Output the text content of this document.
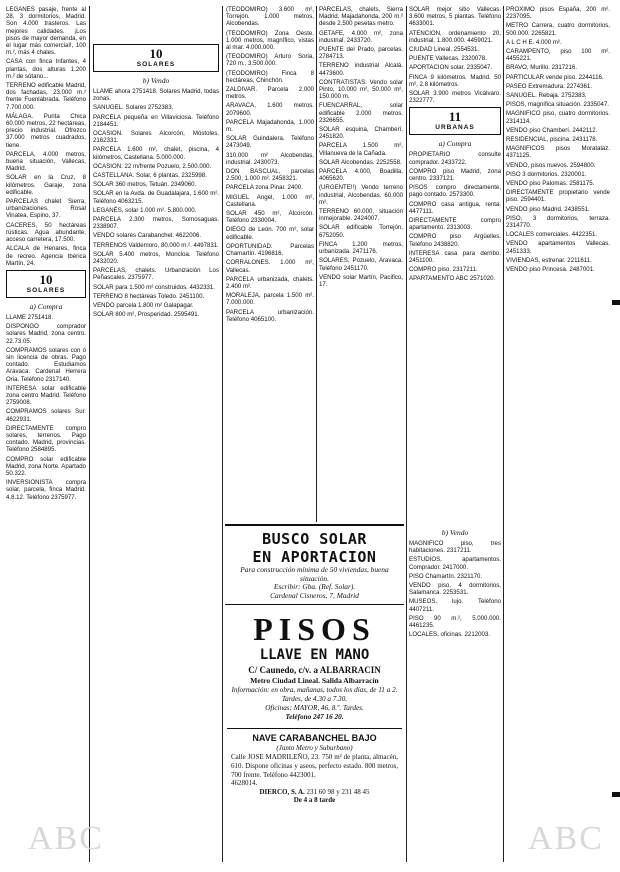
LEGANÉS pasaje, frente al 28, 3 dormitorios, Madrid. Son 4.000 trasteros. Las mejores calidades. ¡Los pisos de mayor demanda, en el lugar más comercial!, 100 m.², más 4 chales.

CASA con finca Infantes, 4 plantas, dos alturas 1.200 m.² de sótano...

TERRENO edificable Madrid, dos fachadas, 23.000 m.² frente Fuenlabrada. Teléfono 7.700.000.

MÁLAGA. Punta Chica 60.000 metros, 22 hectáreas, precio industrial. Ofrezco 37.000 metros cuadrados, tiene.

PARCELA, 4.000 metros, buena situación, Vallecas, Madrid.

SOLAR en la Cruz, 8 kilómetros. Garaje, zona edificable.

PARCELAS chalet Sierra, urbanizaciones. Rosal Vinatea, Espino, 37.

CACERES, 50 hectáreas rústicas. Agua abundante, acceso carretera, 17.500.

ALCALA de Henares, finca de recreo. Agencia Ibérica Martín, 24.

10
SOLARES
a) Compra

LLAME 2751418.

DISPONGO comprador solares Madrid, zona centro. 22.73.05.

COMPRAMOS solares con ó sin licencia de obras. Pago contado. Estudiamos Aravaca. Cardenal Herrera Oria. Teléfono 2317140.

INTERESA solar edificable zona centro Madrid. Teléfono 2759008.

COMPRAMOS solares Sur. 4622931.

DIRECTAMENTE compro solares, terrenos. Pago contado. Madrid, provincias. Teléfono 2584895.

COMPRO solar edificable Madrid, zona Norte. Apartado 50.322.

INVERSIONISTA compra solar, parcela, finca Madrid. 4.8.12. Teléfono 2375977.

10
SOLARES
b) Vendo

LLAME ahora 2751418. Solares Madrid, todas zonas.

SANUGEL. Solares 2752383.

PARCELA pequeña en Villaviciosa. Teléfono 2184451.

OCASION. Solares Alcorcón, Móstoles. 2162331.

PARCELA 1.600 m², chalet, piscina, 4 kilómetros, Castellana. 5.000.000.

OCASION. 22 m/frente Pozuelo, 2.500.000.

CASTELLANA. Solar, 6 plantas. 2325998.

SOLAR 360 metros, Tetuán. 2349060.

SOLAR en la Avda. de Guadalajara, 1.600 m². Teléfono 4063215.

LEGANÉS, solar 1.000 m². 5.800.000.

PARCELA 2.300 metros, Somosaguas. 2338907.

VENDO solares Carabanchel. 4622006.

TERRENOS Valdemoro, 80.000 m.². 4497831.

SOLAR 5.400 metros, Moncloa. Teléfono 2432020.

PARCELAS, chalets. Urbanización Los Peñascales. 2375977.

SOLAR para 1.500 m² construidos. 4432331.

TERRENO 8 hectáreas Toledo. 2451100.

VENDO parcela 1.800 m² Galapagar.

SOLAR 800 m², Prosperidad. 2595491.

(TEODOMIRO) 3.600 m², Torrejón. 1.000 metros, Alcobendas.

(TEODOMIRO) Zona Oeste. 1.000 metros, magnífico, vistas al mar. 4.000.000.

(TEODOMIRO) Arturo Soria, 720 m., 3.500.000.

(TEODOMIRO) Finca 8 hectáreas, Chinchón.

ZALDIVAR. Parcela 2.000 metros.

ARAVACA, 1.600 metros. 2079600.

PARCELA Majadahonda, 1.000 m.

SOLAR Guindalera. Teléfono 2473049.

310.000 m² Alcobendas, industrial. 2430073.

DON BASCUAL, parcelas 2.500, 1.000 m². 2458321.

PARCELA zona Pinar. 2400.

MIGUEL Angel, 1.000 m², Castellana.

SOLAR 450 m², Alcorcón. Teléfono 2330004.

DIEGO de León. 700 m², solar edificable.

OPORTUNIDAD. Parcelas Chamartín. 4196816.

CORRALONES. 1.000 m², Vallecas.

PARCELA urbanizada, chalets. 2.400 m².

MORALEJA, parcela 1.500 m². 7.000.000.

PARCELA urbanización. Teléfono 4065100.

PARCELAS, chalets, Sierra Madrid. Majadahonda, 200 m.² desde 2.500 pesetas metro.

GETAFE, 4.000 m², zona industrial. 2433720.

PUENTE del Prado, parcelas. 2784713.

TERRENO industrial Alcalá. 4473600.

CONTRATISTAS. Vendo solar Pinto, 10.000 m², 50.000 m², 150.000 m.

FUENCARRAL, solar edificable 2.000 metros. 2326655.

SOLAR esquina, Chamberí. 2451820.

PARCELA 1.500 m², Villanueva de la Cañada.

SOLAR Alcobendas. 2252558.

PARCELA 4.000, Boadilla. 4065620.

(URGENTE!!) Vendo terreno industrial, Alcobendas. 60.000 m².

TERRENO 60.000, situación inmejorable. 2424007.

SOLAR edificable Torrejón. 6752050.

FINCA 1.200 metros, urbanizada. 2471176.

SOLARES, Pozuelo, Aravaca. Teléfono 2451170.

VENDO solar Martín, Pacifico, 17.

SOLAR mejor sitio Vallecas. 3.600 metros, 5 plantas. Teléfono 4633001.

ATENCION, ordenamiento 20, industrial. 1.800.000. 4459021.

CIUDAD Lineal. 2554531.

PUENTE Vallecas. 2320078.

APORTACION solar. 2335047.

FINCA 9 kilómetros. Madrid. 50 m², 2.8 kilómetros.

SOLAR 3.900 metros Vicálvaro. 2322777.

11
URBANAS
a) Compra

PROPIETARIO consulte comprador. 2433722.

COMPRO piso Madrid, zona centro. 2337121.

PISOS compro directamente, pago contado. 2573300.

COMPRO casa antigua, renta. 4477111.

DIRECTAMENTE compro apartamento. 2313003.

COMPRO piso Argüelles. Teléfono 2438820.

INTERESA casa para derribo. 2451100.

COMPRO piso. 2317211.

APARTAMENTO ABC 2571020.

PROXIMO pisos España, 200 m². 2237095.

METRO Carrera, cuatro dormitorios, 500.000. 2265821.

A L C H E. 4.000 m².

CARAMPENTO, piso 100 m². 4455221.

BRAVO, Murillo. 2317216.

PARTICULAR vende piso. 2244116.

PASEO Extremadura. 2274361.

SANUGEL. Rebaja. 2752383.

PISOS, magnífica situación. 2335047.

MAGNIFICO piso, cuatro dormitorios. 2314114.

VENDO piso Chamberí. 2442112.

RESIDENCIAL, piscina. 2431178.

MAGNIFICOS pisos Moratalaz. 4371125.

VENDO, pisos nuevos. 2594800.

PISO 3 dormitorios. 2320001.

VENDO piso Palomas. 2581175.

DIRECTAMENTE propietario vende piso. 2594401.

VENDO piso Madrid. 2438551.

PISO, 3 dormitorios, terraza. 2314770.

LOCALES comerciales. 4422351.

VENDO apartamentos Vallecas. 2451333.

VIVIENDAS, estrenar. 2211611.

VENDO piso Princesa. 2487001.

b) Vendo

MAGNIFICO piso, tres habitaciones. 2317211.

ESTUDIOS, apartamentos. Comprador. 2417000.

PISO Chamartín. 2321170.

VENDO piso, 4 dormitorios, Salamanca. 2253531.

MUSEOS, lujo. Teléfono 4407211.

PISO 90 m.², 5.000.000. 4461235.

LOCALES, oficinas. 2212003.

BUSCO SOLAR
EN APORTACION
Para construcción mínima de 50 viviendas, buena situación.
Escribir: Gba. (Ref. Solar).
Cardenal Cisneros, 7, Madrid
PISOS
LLAVE EN MANO
C/ Caunedo, c/v. a ALBARRACIN
Metro Ciudad Lineal. Salida Albarracín
Información: en obra, mañanas, todos los días, de 11 a 2. Tardes, de 4.30 a 7.30.
Oficinas: MAYOR, 46, 8.º. Tardes.
Teléfono 247 16 20.
NAVE CARABANCHEL BAJO
(Junto Metro y Suburbano)
Calle JOSE MADRILEÑO, 23. 750 m² de planta, almacén, 610. Dispone oficinas y aseos, perfecto estado. 800 metros, 700 frente. Teléfono 4423001.
4628014.
DIERCO, S. A. 231 60 98 y 231 48 45
De 4 a 8 tarde
ABC	ABC
